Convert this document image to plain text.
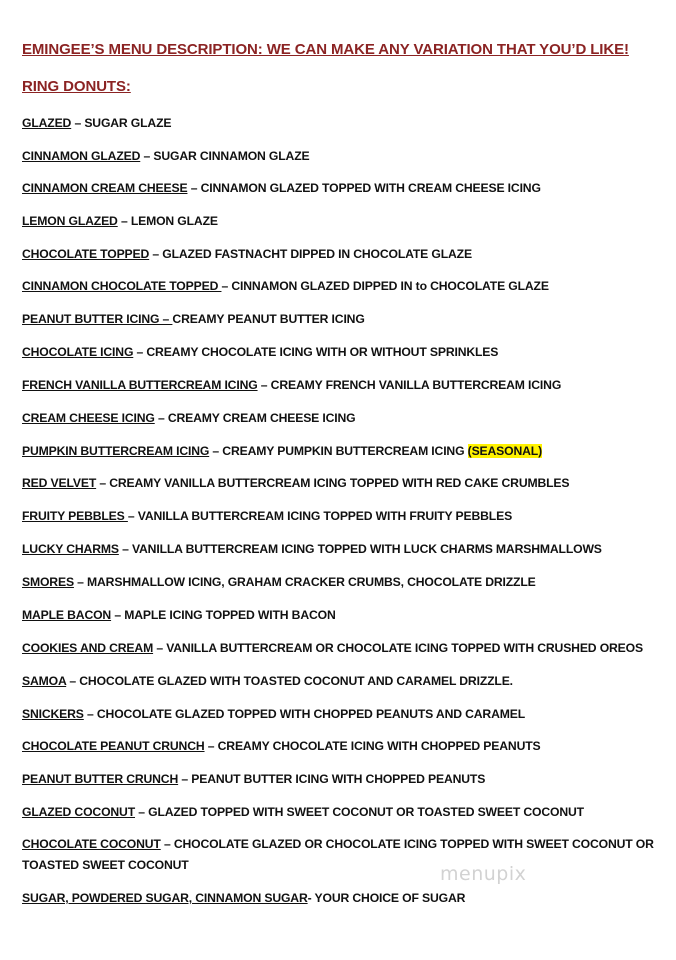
EMINGEE’S MENU DESCRIPTION: WE CAN MAKE ANY VARIATION THAT YOU’D LIKE!
RING DONUTS:
GLAZED – SUGAR GLAZE
CINNAMON GLAZED – SUGAR CINNAMON GLAZE
CINNAMON CREAM CHEESE – CINNAMON GLAZED TOPPED WITH CREAM CHEESE ICING
LEMON GLAZED – LEMON GLAZE
CHOCOLATE TOPPED – GLAZED FASTNACHT DIPPED IN CHOCOLATE GLAZE
CINNAMON CHOCOLATE TOPPED – CINNAMON GLAZED DIPPED IN to CHOCOLATE GLAZE
PEANUT BUTTER ICING – CREAMY PEANUT BUTTER ICING
CHOCOLATE ICING – CREAMY CHOCOLATE ICING WITH OR WITHOUT SPRINKLES
FRENCH VANILLA BUTTERCREAM ICING – CREAMY FRENCH VANILLA BUTTERCREAM ICING
CREAM CHEESE ICING – CREAMY CREAM CHEESE ICING
PUMPKIN BUTTERCREAM ICING – CREAMY PUMPKIN BUTTERCREAM ICING (SEASONAL)
RED VELVET – CREAMY VANILLA BUTTERCREAM ICING TOPPED WITH RED CAKE CRUMBLES
FRUITY PEBBLES – VANILLA BUTTERCREAM ICING TOPPED WITH FRUITY PEBBLES
LUCKY CHARMS – VANILLA BUTTERCREAM ICING TOPPED WITH LUCK CHARMS MARSHMALLOWS
SMORES – MARSHMALLOW ICING, GRAHAM CRACKER CRUMBS, CHOCOLATE DRIZZLE
MAPLE BACON – MAPLE ICING TOPPED WITH BACON
COOKIES AND CREAM – VANILLA BUTTERCREAM OR CHOCOLATE ICING TOPPED WITH CRUSHED OREOS
SAMOA – CHOCOLATE GLAZED WITH TOASTED COCONUT AND CARAMEL DRIZZLE.
SNICKERS – CHOCOLATE GLAZED TOPPED WITH CHOPPED PEANUTS AND CARAMEL
CHOCOLATE PEANUT CRUNCH – CREAMY CHOCOLATE ICING WITH CHOPPED PEANUTS
PEANUT BUTTER CRUNCH – PEANUT BUTTER ICING WITH CHOPPED PEANUTS
GLAZED COCONUT – GLAZED TOPPED WITH SWEET COCONUT OR TOASTED SWEET COCONUT
CHOCOLATE COCONUT – CHOCOLATE GLAZED OR CHOCOLATE ICING TOPPED WITH SWEET COCONUT OR TOASTED SWEET COCONUT
SUGAR, POWDERED SUGAR, CINNAMON SUGAR- YOUR CHOICE OF SUGAR
menupix
